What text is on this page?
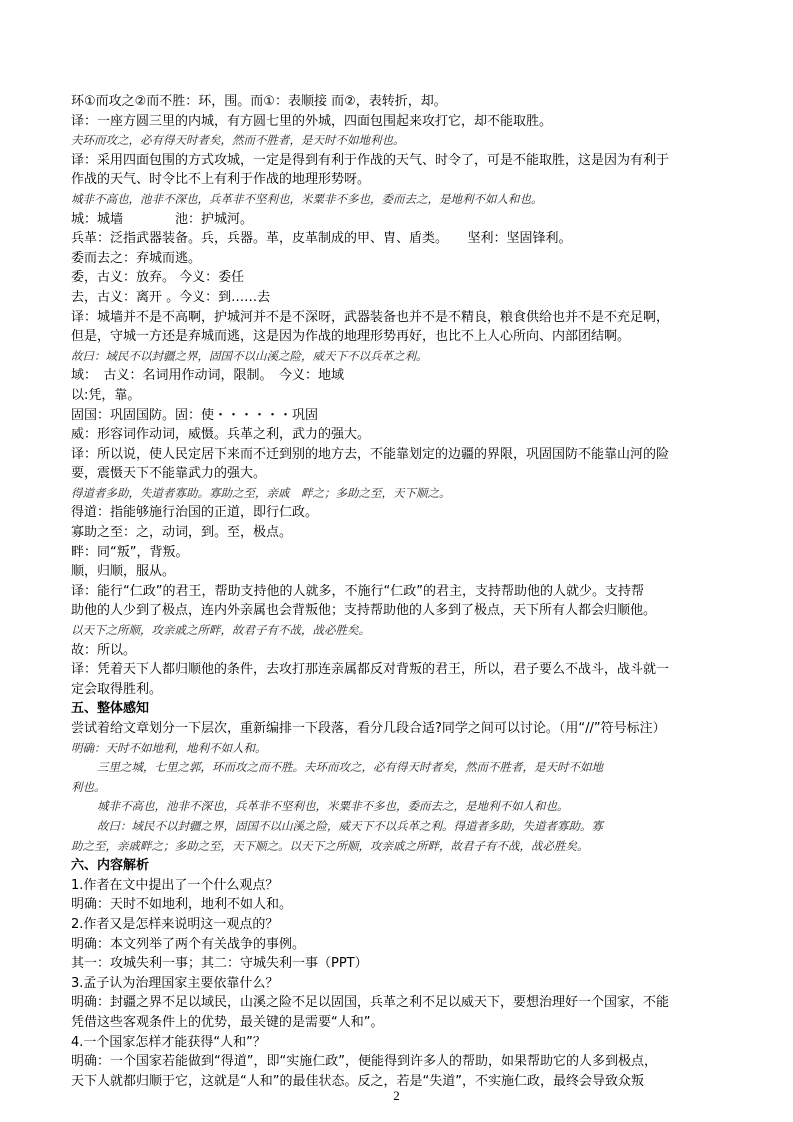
环①而攻之②而不胜：环，围。而①：表顺接 而②，表转折，却。
译：一座方圆三里的内城，有方圆七里的外城，四面包围起来攻打它，却不能取胜。
夫环而攻之，必有得天时者矣，然而不胜者，是天时不如地利也。
译：采用四面包围的方式攻城，一定是得到有利于作战的天气、时令了，可是不能取胜，这是因为有利于
作战的天气、时令比不上有利于作战的地理形势呀。
城非不高也，池非不深也，兵革非不坚利也，米粟非不多也，委而去之，是地利不如人和也。
城：城墙　　　　池：护城河。
兵革：泛指武器装备。兵，兵器。革，皮革制成的甲、胄、盾类。　　坚利：坚固锋利。
委而去之：弃城而逃。
委，古义：放弃。 今义：委任
去，古义：离开 。今义：到……去
译：城墙并不是不高啊，护城河并不是不深呀，武器装备也并不是不精良，粮食供给也并不是不充足啊，
但是，守城一方还是弃城而逃，这是因为作战的地理形势再好，也比不上人心所向、内部团结啊。
故曰：域民不以封疆之界，固国不以山溪之险，威天下不以兵革之利。
域：　古义：名词用作动词，限制。　今义：地域
以:凭，靠。
固国：巩固国防。固：使・・・・・・巩固
威：形容词作动词，威慑。兵革之利，武力的强大。
译：所以说，使人民定居下来而不迁到别的地方去，不能靠划定的边疆的界限，巩固国防不能靠山河的险
要，震慑天下不能靠武力的强大。
得道者多助，失道者寡助。寡助之至，亲戚　畔之；多助之至，天下顺之。
得道：指能够施行治国的正道，即行仁政。
寡助之至：之，动词，到。至，极点。
畔：同“叛”，背叛。
顺，归顺，服从。
译：能行“仁政”的君王，帮助支持他的人就多，不施行“仁政”的君主，支持帮助他的人就少。支持帮
助他的人少到了极点，连内外亲属也会背叛他；支持帮助他的人多到了极点，天下所有人都会归顺他。
以天下之所顺，攻亲戚之所畔，故君子有不战，战必胜矣。
故：所以。
译：凭着天下人都归顺他的条件，去攻打那连亲属都反对背叛的君王，所以，君子要么不战斗，战斗就一
定会取得胜利。
五、整体感知
尝试着给文章划分一下层次，重新编排一下段落，看分几段合适?同学之间可以讨论。（用“//”符号标注）
明确：天时不如地利，地利不如人和。
三里之城，七里之郭，环而攻之而不胜。夫环而攻之，必有得天时者矣，然而不胜者，是天时不如地
利也。
城非不高也，池非不深也，兵革非不坚利也，米粟非不多也，委而去之，是地利不如人和也。
故曰：域民不以封疆之界，固国不以山溪之险，威天下不以兵革之利。得道者多助，失道者寡助。寡
助之至，亲戚畔之；多助之至，天下顺之。以天下之所顺，攻亲戚之所畔，故君子有不战，战必胜矣。
六、内容解析
1.作者在文中提出了一个什么观点？
明确：天时不如地利，地利不如人和。
2.作者又是怎样来说明这一观点的？
明确：本文列举了两个有关战争的事例。
其一：攻城失利一事；其二：守城失利一事（PPT）
3.孟子认为治理国家主要依靠什么？
明确：封疆之界不足以域民，山溪之险不足以固国，兵革之利不足以威天下，要想治理好一个国家，不能
凭借这些客观条件上的优势，最关键的是需要“人和”。
4.一个国家怎样才能获得“人和”？
明确：一个国家若能做到“得道”，即“实施仁政”，便能得到许多人的帮助，如果帮助它的人多到极点，
天下人就都归顺于它，这就是“人和”的最佳状态。反之，若是“失道”，不实施仁政，最终会导致众叛
2
